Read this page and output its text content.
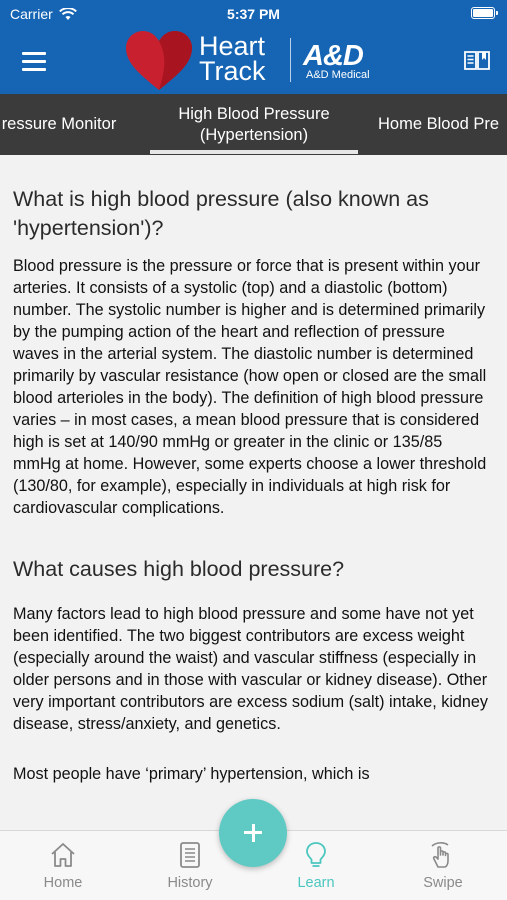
Carrier	5:37 PM
Heart
Track A&D
A&D Medical
ressure Monitor
High Blood Pressure
(Hypertension)
Home Blood Pre
What is high blood pressure (also known as 'hypertension')?

Blood pressure is the pressure or force that is present within your arteries. It consists of a systolic (top) and a diastolic (bottom) number. The systolic number is higher and is determined primarily by the pumping action of the heart and reflection of pressure waves in the arterial system. The diastolic number is determined primarily by vascular resistance (how open or closed are the small blood arterioles in the body). The definition of high blood pressure varies – in most cases, a mean blood pressure that is considered high is set at 140/90 mmHg or greater in the clinic or 135/85 mmHg at home. However, some experts choose a lower threshold (130/80, for example), especially in individuals at high risk for cardiovascular complications.

What causes high blood pressure?

Many factors lead to high blood pressure and some have not yet been identified. The two biggest contributors are excess weight (especially around the waist) and vascular stiffness (especially in older persons and in those with vascular or kidney disease). Other very important contributors are excess sodium (salt) intake, kidney disease, stress/anxiety, and genetics.

Most people have ‘primary’ hypertension, which is

Home	History	Learn	Swipe
